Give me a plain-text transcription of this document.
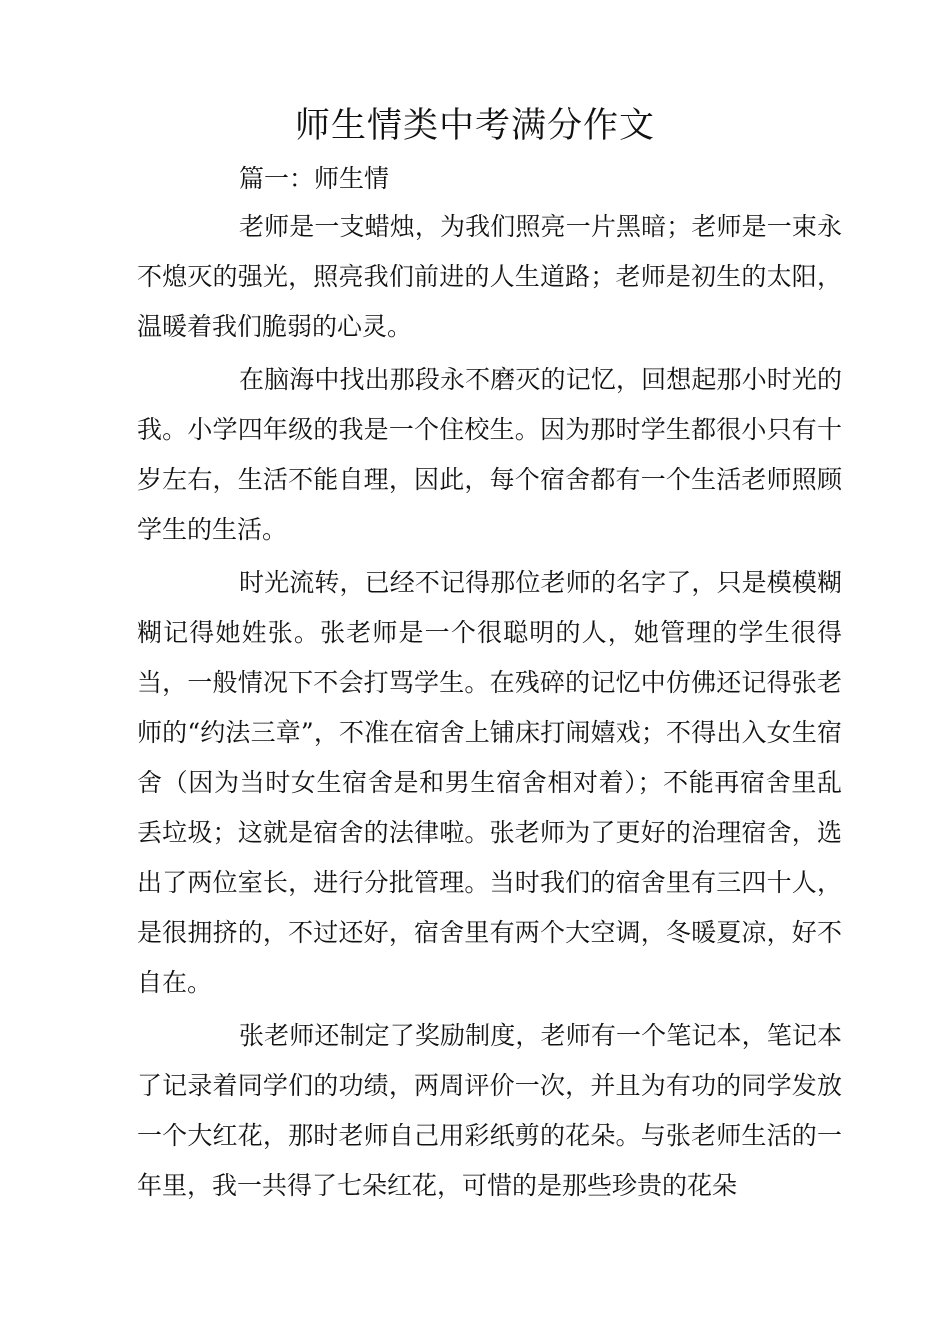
师生情类中考满分作文
篇一：师生情

老师是一支蜡烛，为我们照亮一片黑暗；老师是一束永不熄灭的强光，照亮我们前进的人生道路；老师是初生的太阳，温暖着我们脆弱的心灵。

在脑海中找出那段永不磨灭的记忆，回想起那小时光的我。小学四年级的我是一个住校生。因为那时学生都很小只有十岁左右，生活不能自理，因此，每个宿舍都有一个生活老师照顾学生的生活。

时光流转，已经不记得那位老师的名字了，只是模模糊糊记得她姓张。张老师是一个很聪明的人，她管理的学生很得当，一般情况下不会打骂学生。在残碎的记忆中仿佛还记得张老师的“约法三章”，不准在宿舍上铺床打闹嬉戏；不得出入女生宿舍（因为当时女生宿舍是和男生宿舍相对着）；不能再宿舍里乱丢垃圾；这就是宿舍的法律啦。张老师为了更好的治理宿舍，选出了两位室长，进行分批管理。当时我们的宿舍里有三四十人，是很拥挤的，不过还好，宿舍里有两个大空调，冬暖夏凉，好不自在。

张老师还制定了奖励制度，老师有一个笔记本，笔记本了记录着同学们的功绩，两周评价一次，并且为有功的同学发放一个大红花，那时老师自己用彩纸剪的花朵。与张老师生活的一年里，我一共得了七朵红花，可惜的是那些珍贵的花朵
